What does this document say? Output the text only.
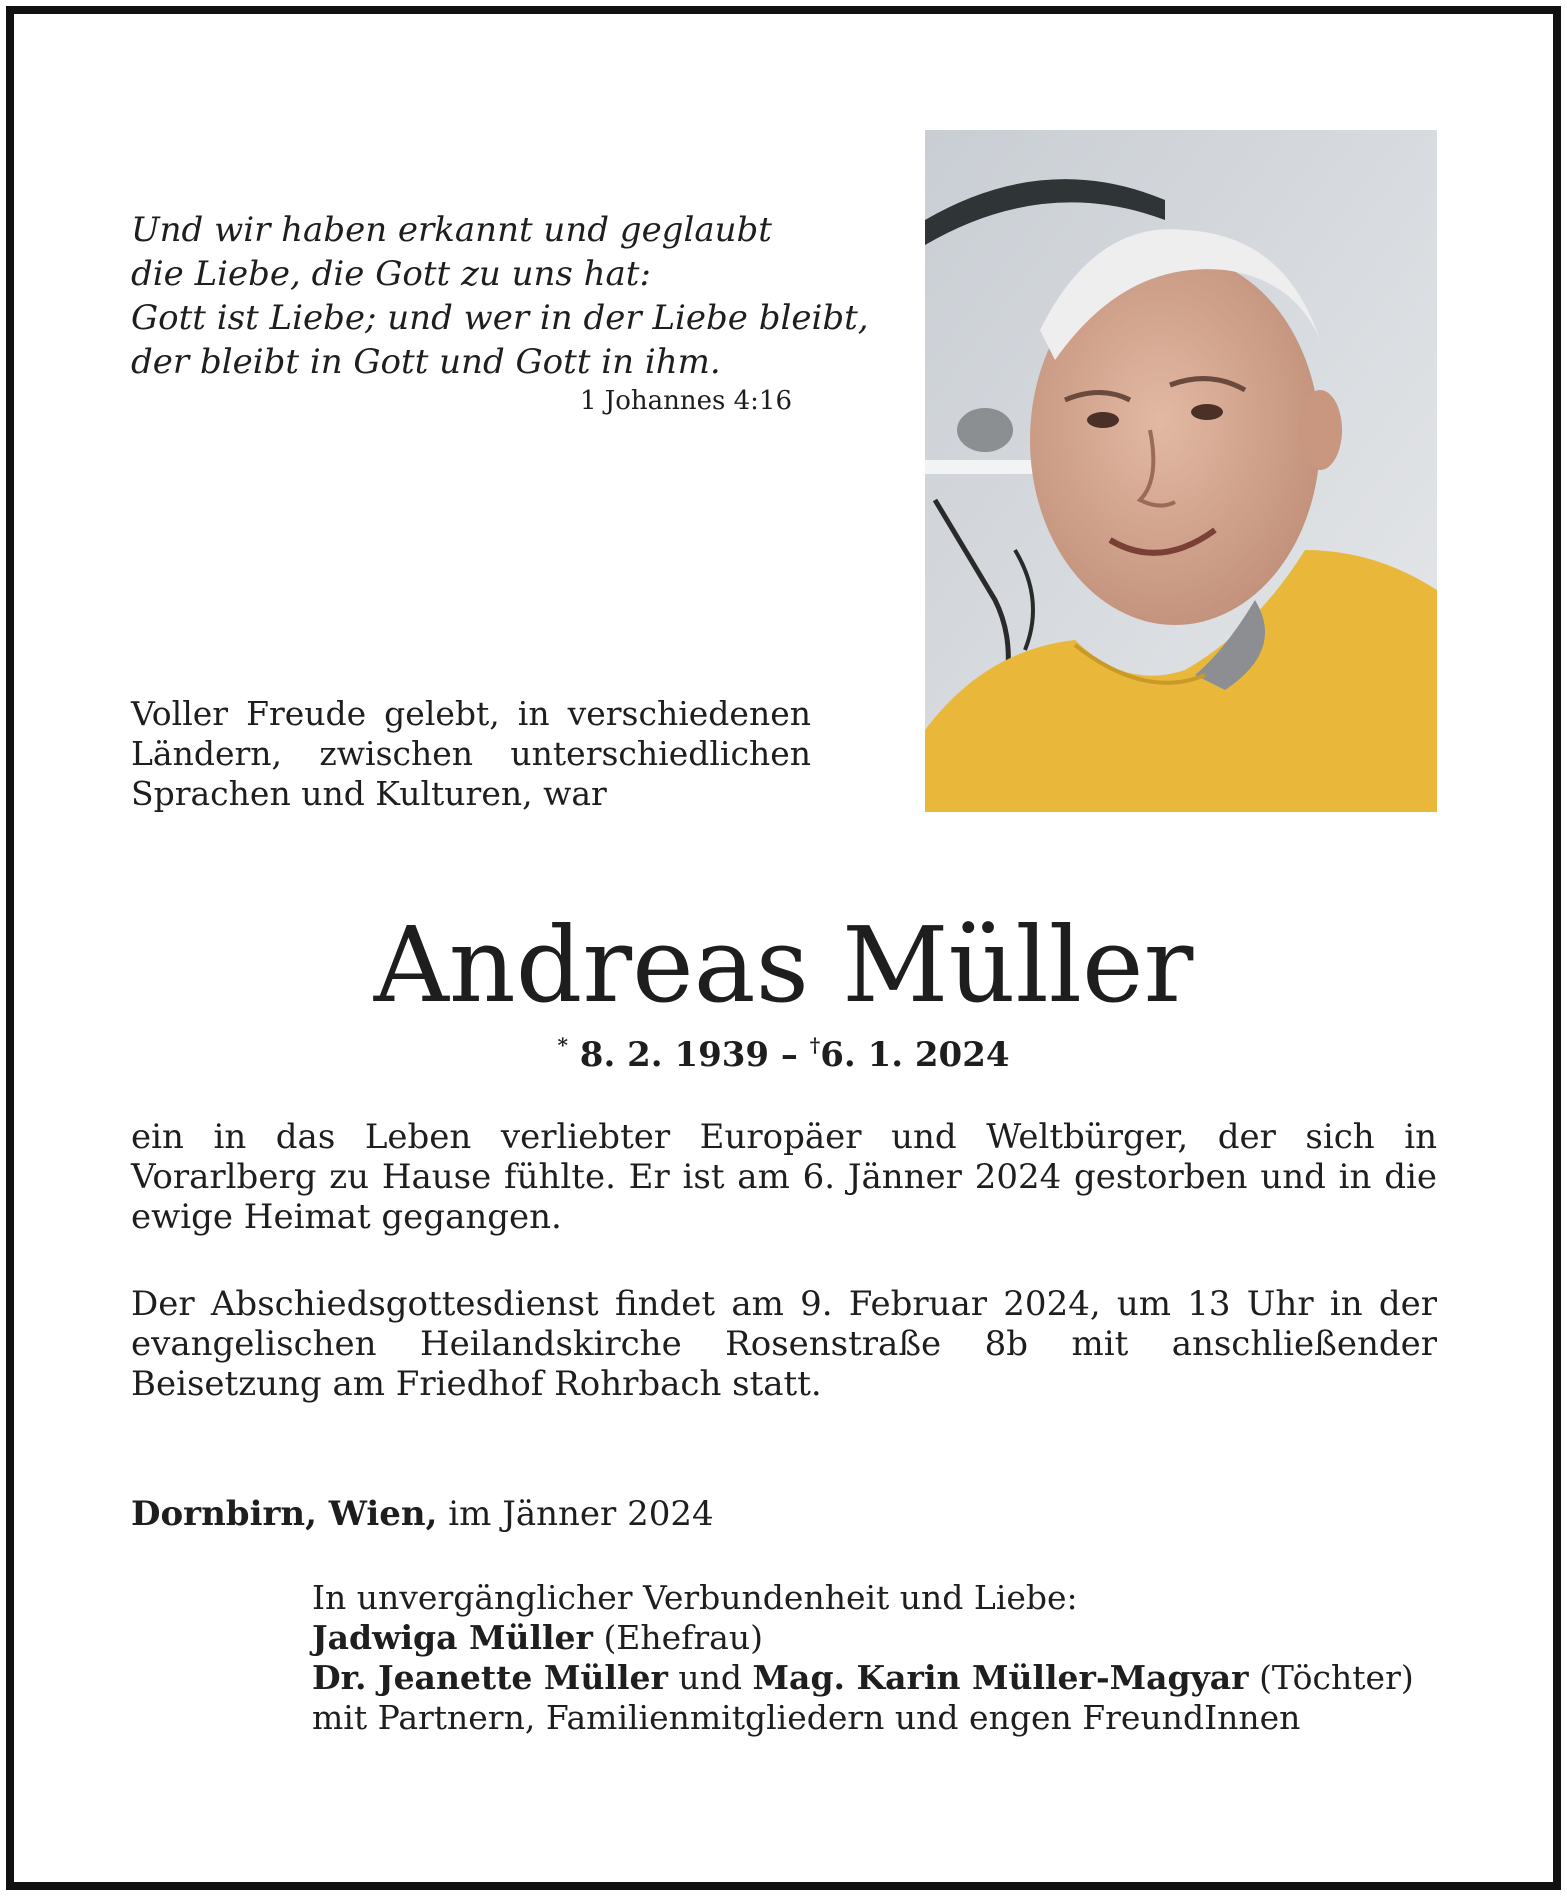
Und wir haben erkannt und geglaubt
die Liebe, die Gott zu uns hat:
Gott ist Liebe; und wer in der Liebe bleibt,
der bleibt in Gott und Gott in ihm.
1 Johannes 4:16
Voller Freude gelebt, in verschiedenen Ländern, zwischen unterschiedlichen Sprachen und Kulturen, war
Andreas Müller
* 8. 2. 1939 – †6. 1. 2024
ein in das Leben verliebter Europäer und Weltbürger, der sich in Vorarlberg zu Hause fühlte. Er ist am 6. Jänner 2024 gestorben und in die ewige Heimat gegangen.
Der Abschiedsgottesdienst findet am 9. Februar 2024, um 13 Uhr in der evangelischen Heilandskirche Rosenstraße 8b mit anschließender Beisetzung am Friedhof Rohrbach statt.
Dornbirn, Wien, im Jänner 2024
In unvergänglicher Verbundenheit und Liebe:
Jadwiga Müller (Ehefrau)
Dr. Jeanette Müller und Mag. Karin Müller-Magyar (Töchter)
mit Partnern, Familienmitgliedern und engen FreundInnen
